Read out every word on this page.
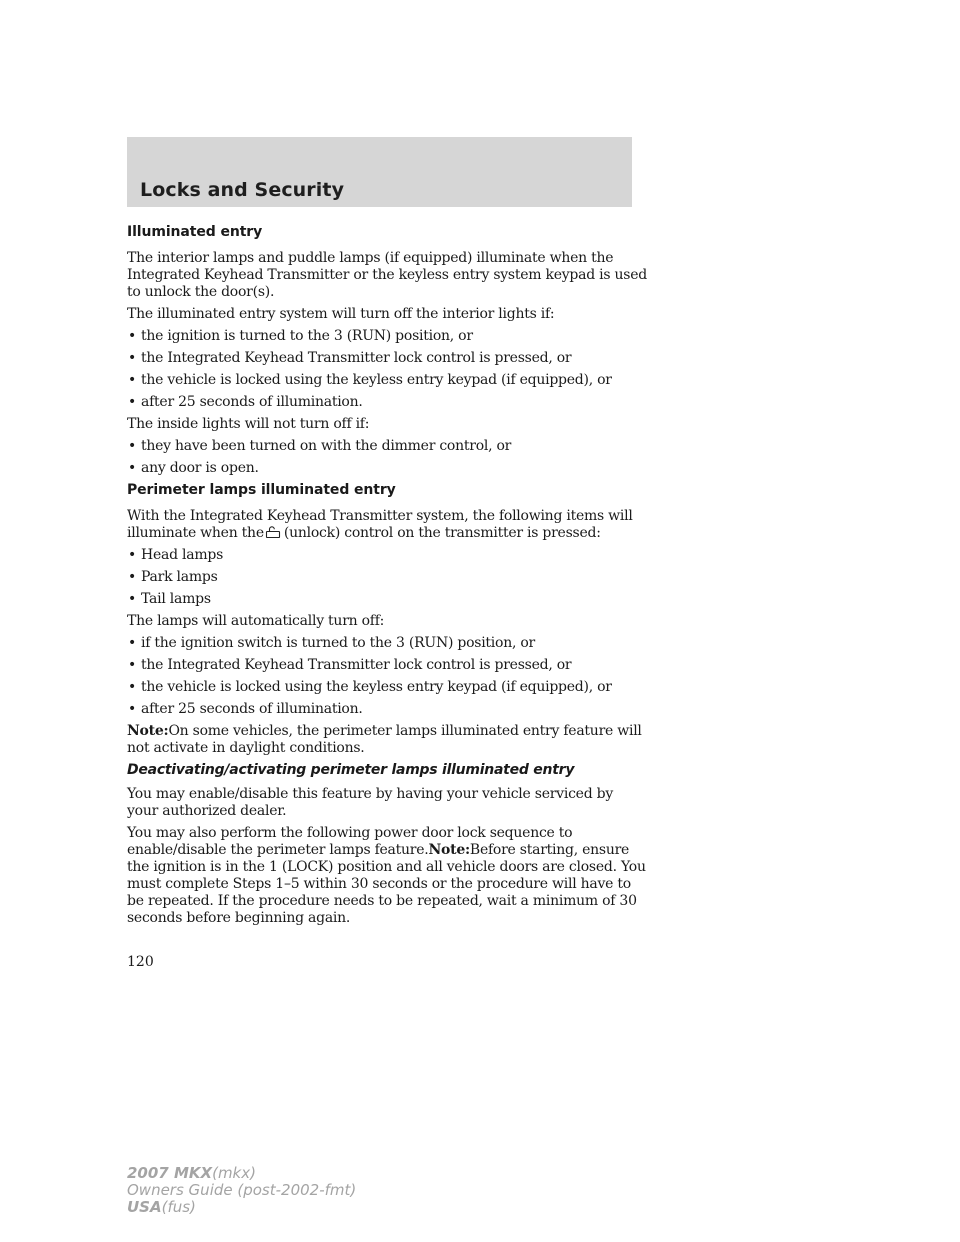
Locks and Security
Illuminated entry

The interior lamps and puddle lamps (if equipped) illuminate when the Integrated Keyhead Transmitter or the keyless entry system keypad is used to unlock the door(s).

The illuminated entry system will turn off the interior lights if:

• the ignition is turned to the 3 (RUN) position, or
• the Integrated Keyhead Transmitter lock control is pressed, or
• the vehicle is locked using the keyless entry keypad (if equipped), or
• after 25 seconds of illumination.

The inside lights will not turn off if:

• they have been turned on with the dimmer control, or
• any door is open.
Perimeter lamps illuminated entry

With the Integrated Keyhead Transmitter system, the following items will illuminate when the (unlock) control on the transmitter is pressed:

• Head lamps
• Park lamps
• Tail lamps

The lamps will automatically turn off:

• if the ignition switch is turned to the 3 (RUN) position, or
• the Integrated Keyhead Transmitter lock control is pressed, or
• the vehicle is locked using the keyless entry keypad (if equipped), or
• after 25 seconds of illumination.

Note:On some vehicles, the perimeter lamps illuminated entry feature will not activate in daylight conditions.

Deactivating/activating perimeter lamps illuminated entry

You may enable/disable this feature by having your vehicle serviced by your authorized dealer.

You may also perform the following power door lock sequence to enable/disable the perimeter lamps feature.Note:Before starting, ensure the ignition is in the 1 (LOCK) position and all vehicle doors are closed. You must complete Steps 1–5 within 30 seconds or the procedure will have to be repeated. If the procedure needs to be repeated, wait a minimum of 30 seconds before beginning again.

120
2007 MKX(mkx)
Owners Guide (post-2002-fmt)
USA(fus)
